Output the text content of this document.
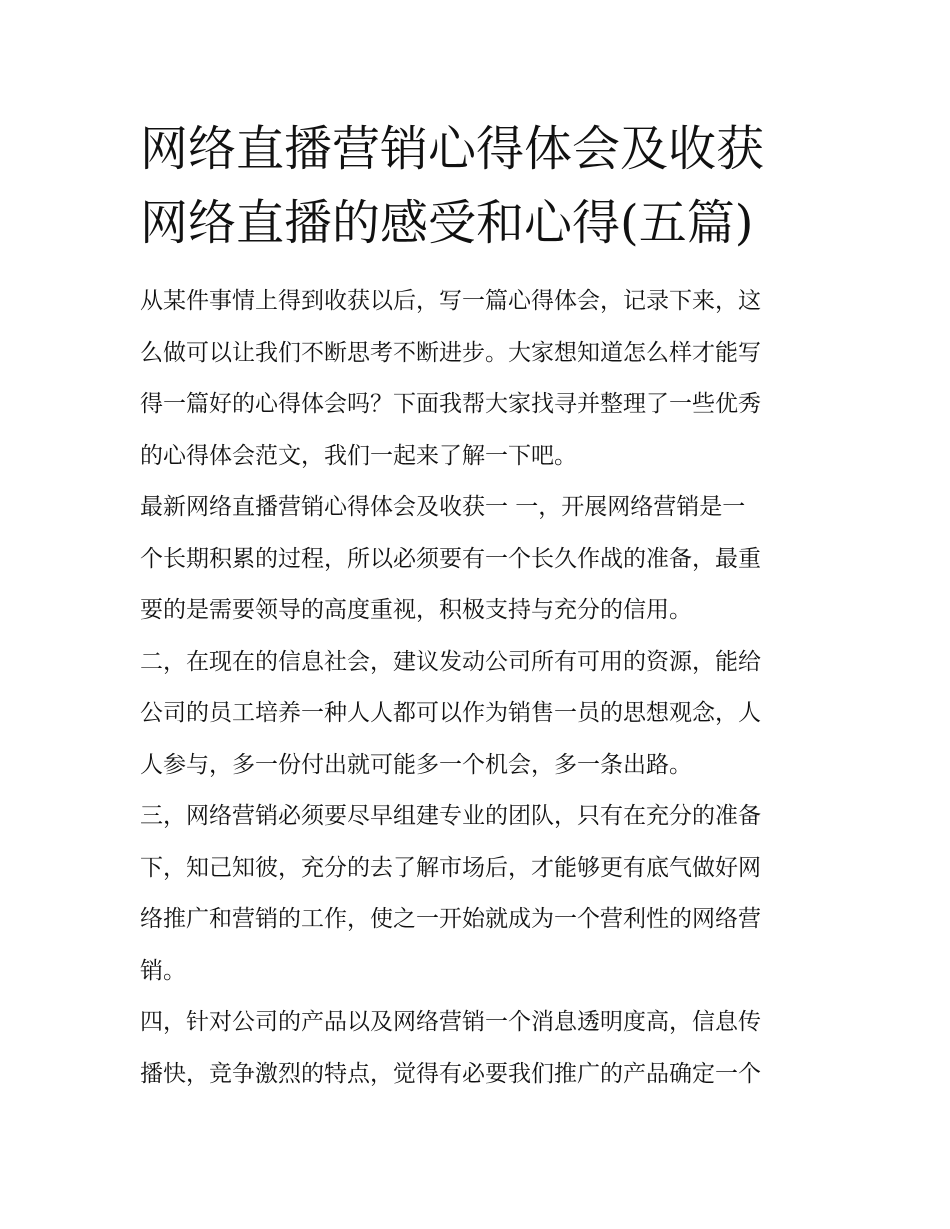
网络直播营销心得体会及收获
网络直播的感受和心得(五篇)
从某件事情上得到收获以后，写一篇心得体会，记录下来，这
么做可以让我们不断思考不断进步。大家想知道怎么样才能写
得一篇好的心得体会吗？下面我帮大家找寻并整理了一些优秀
的心得体会范文，我们一起来了解一下吧。
最新网络直播营销心得体会及收获一 一，开展网络营销是一
个长期积累的过程，所以必须要有一个长久作战的准备，最重
要的是需要领导的高度重视，积极支持与充分的信用。
二，在现在的信息社会，建议发动公司所有可用的资源，能给
公司的员工培养一种人人都可以作为销售一员的思想观念，人
人参与，多一份付出就可能多一个机会，多一条出路。
三，网络营销必须要尽早组建专业的团队，只有在充分的准备
下，知己知彼，充分的去了解市场后，才能够更有底气做好网
络推广和营销的工作，使之一开始就成为一个营利性的网络营
销。
四，针对公司的产品以及网络营销一个消息透明度高，信息传
播快，竞争激烈的特点，觉得有必要我们推广的产品确定一个
